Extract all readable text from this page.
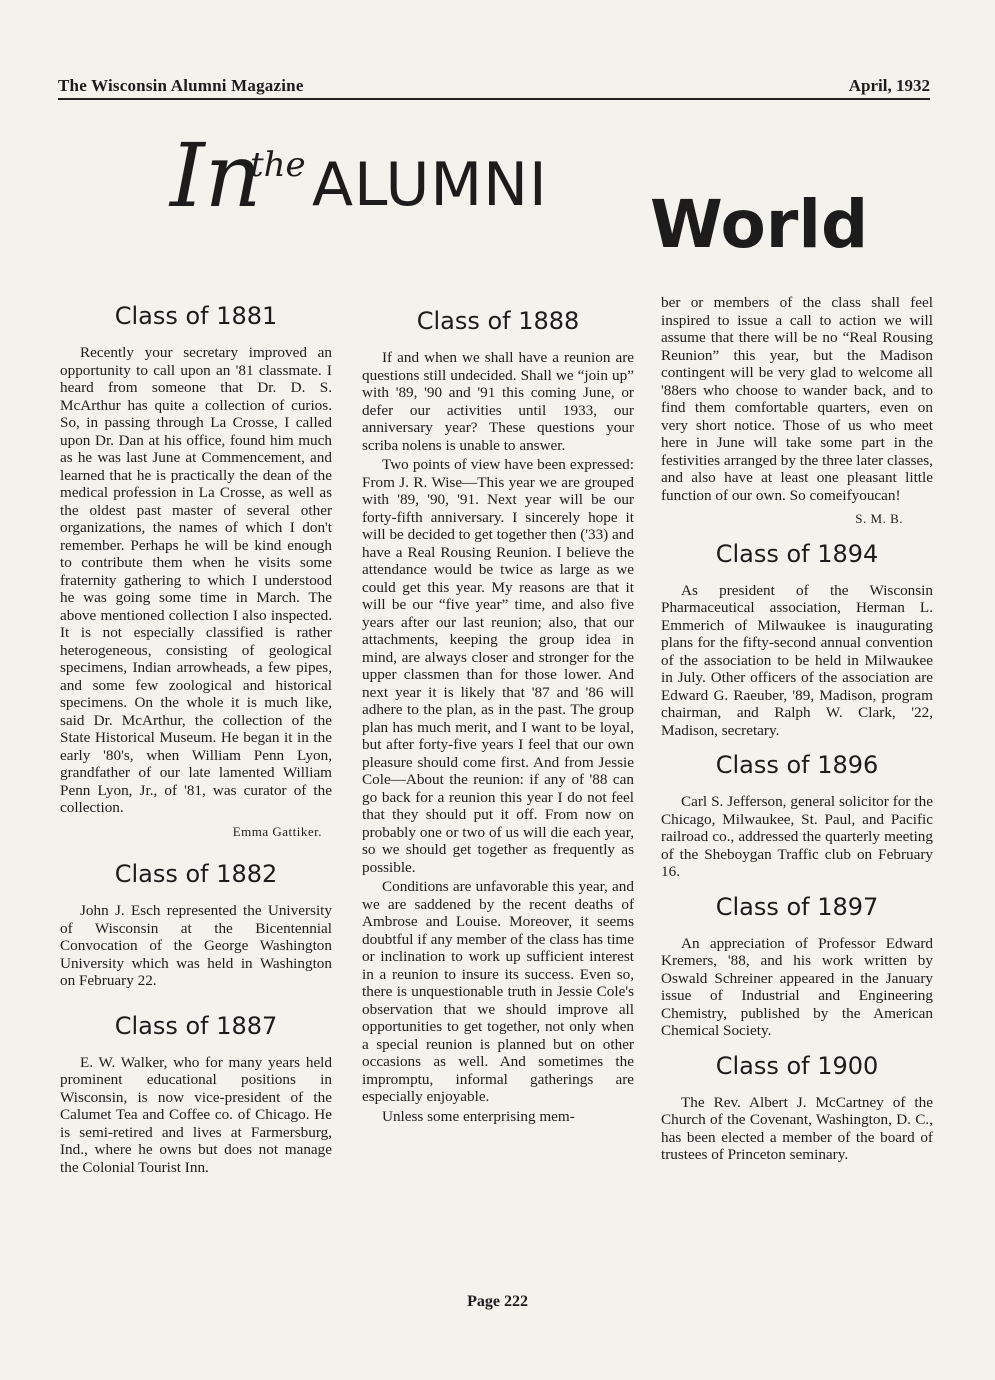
The Wisconsin Alumni Magazine	April, 1932
In
the ALUMNI
World
Class of 1881

Recently your secretary improved an opportunity to call upon an '81 classmate. I heard from someone that Dr. D. S. McArthur has quite a collection of curios. So, in passing through La Crosse, I called upon Dr. Dan at his office, found him much as he was last June at Commencement, and learned that he is practically the dean of the medical profession in La Crosse, as well as the oldest past master of several other organizations, the names of which I don't remember. Perhaps he will be kind enough to contribute them when he visits some fraternity gathering to which I understood he was going some time in March. The above mentioned collection I also inspected. It is not especially classified is rather heterogeneous, consisting of geological specimens, Indian arrowheads, a few pipes, and some few zoological and historical specimens. On the whole it is much like, said Dr. McArthur, the collection of the State Historical Museum. He began it in the early '80's, when William Penn Lyon, grandfather of our late lamented William Penn Lyon, Jr., of '81, was curator of the collection.

Emma Gattiker.
Class of 1882

John J. Esch represented the University of Wisconsin at the Bicentennial Convocation of the George Washington University which was held in Washington on February 22.

Class of 1887

E. W. Walker, who for many years held prominent educational positions in Wisconsin, is now vice-president of the Calumet Tea and Coffee co. of Chicago. He is semi-retired and lives at Farmersburg, Ind., where he owns but does not manage the Colonial Tourist Inn.

Class of 1888

If and when we shall have a reunion are questions still undecided. Shall we “join up” with '89, '90 and '91 this coming June, or defer our activities until 1933, our anniversary year? These questions your scriba nolens is unable to answer.

Two points of view have been expressed: From J. R. Wise—This year we are grouped with '89, '90, '91. Next year will be our forty-fifth anniversary. I sincerely hope it will be decided to get together then ('33) and have a Real Rousing Reunion. I believe the attendance would be twice as large as we could get this year. My reasons are that it will be our “five year” time, and also five years after our last reunion; also, that our attachments, keeping the group idea in mind, are always closer and stronger for the upper classmen than for those lower. And next year it is likely that '87 and '86 will adhere to the plan, as in the past. The group plan has much merit, and I want to be loyal, but after forty-five years I feel that our own pleasure should come first. And from Jessie Cole—About the reunion: if any of '88 can go back for a reunion this year I do not feel that they should put it off. From now on probably one or two of us will die each year, so we should get together as frequently as possible.

Conditions are unfavorable this year, and we are saddened by the recent deaths of Ambrose and Louise. Moreover, it seems doubtful if any member of the class has time or inclination to work up sufficient interest in a reunion to insure its success. Even so, there is unquestionable truth in Jessie Cole's observation that we should improve all opportunities to get together, not only when a special reunion is planned but on other occasions as well. And sometimes the impromptu, informal gatherings are especially enjoyable.

Unless some enterprising mem-

ber or members of the class shall feel inspired to issue a call to action we will assume that there will be no “Real Rousing Reunion” this year, but the Madison contingent will be very glad to welcome all '88ers who choose to wander back, and to find them comfortable quarters, even on very short notice. Those of us who meet here in June will take some part in the festivities arranged by the three later classes, and also have at least one pleasant little function of our own. So comeifyoucan!

S. M. B.
Class of 1894

As president of the Wisconsin Pharmaceutical association, Herman L. Emmerich of Milwaukee is inaugurating plans for the fifty-second annual convention of the association to be held in Milwaukee in July. Other officers of the association are Edward G. Raeuber, '89, Madison, program chairman, and Ralph W. Clark, '22, Madison, secretary.

Class of 1896

Carl S. Jefferson, general solicitor for the Chicago, Milwaukee, St. Paul, and Pacific railroad co., addressed the quarterly meeting of the Sheboygan Traffic club on February 16.

Class of 1897

An appreciation of Professor Edward Kremers, '88, and his work written by Oswald Schreiner appeared in the January issue of Industrial and Engineering Chemistry, published by the American Chemical Society.

Class of 1900

The Rev. Albert J. McCartney of the Church of the Covenant, Washington, D. C., has been elected a member of the board of trustees of Princeton seminary.

Page 222
